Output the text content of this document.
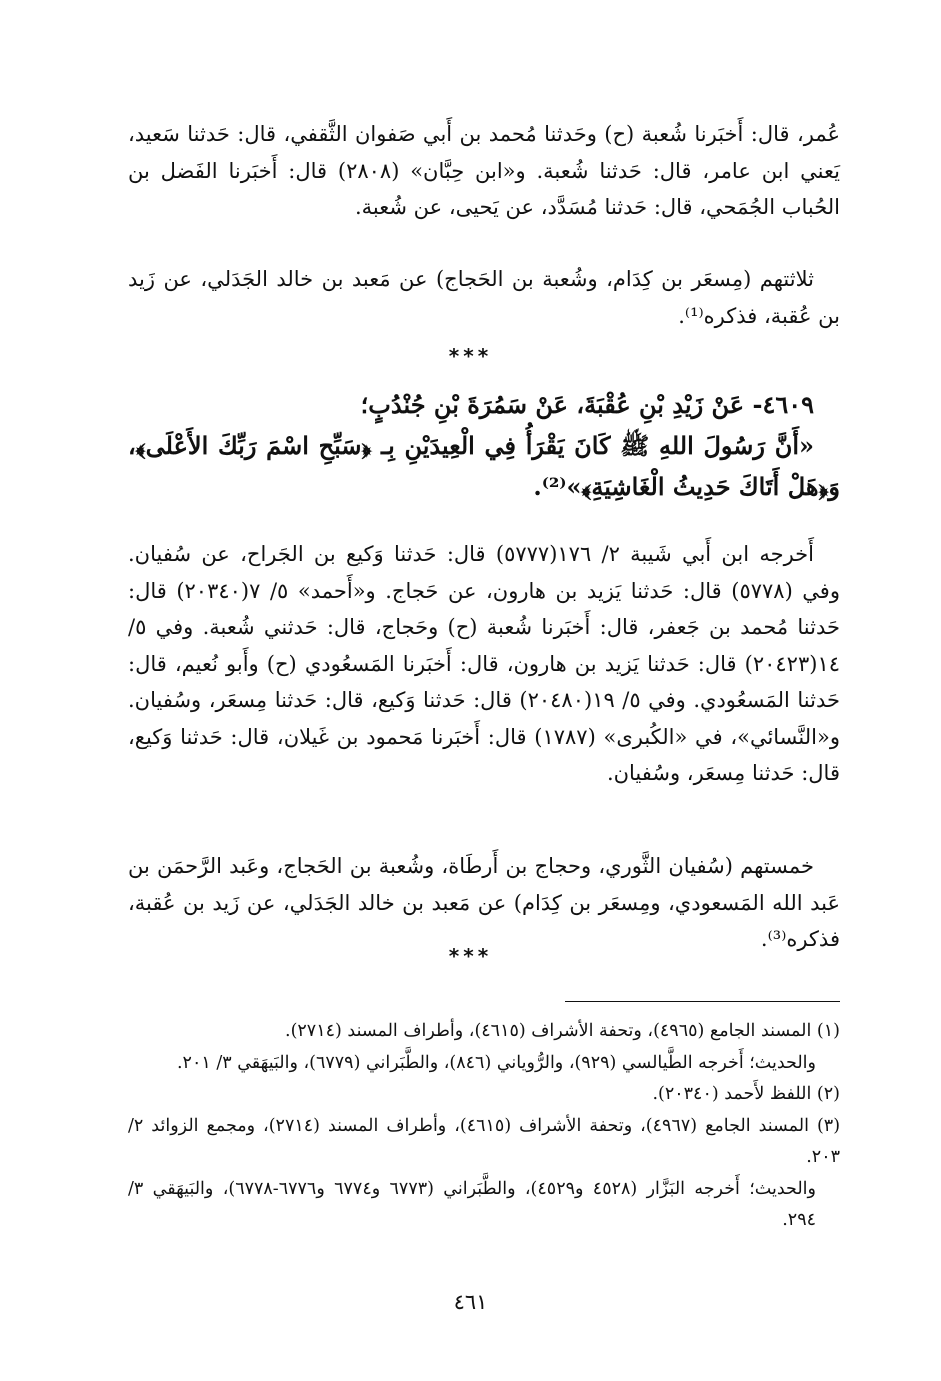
عُمر، قال: أَخبَرنا شُعبة (ح) وحَدثنا مُحمد بن أَبي صَفوان الثَّقفي، قال: حَدثنا سَعيد، يَعني ابن عامر، قال: حَدثنا شُعبة. و«ابن حِبَّان» (٢٨٠٨) قال: أَخبَرنا الفَضل بن الحُباب الجُمَحي، قال: حَدثنا مُسَدَّد، عن يَحيى، عن شُعبة.

ثلاثتهم (مِسعَر بن كِدَام، وشُعبة بن الحَجاج) عن مَعبد بن خالد الجَدَلي، عن زَيد بن عُقبة، فذكره⁽¹⁾.

***

٤٦٠٩- عَنْ زَيْدِ بْنِ عُقْبَةَ، عَنْ سَمُرَةَ بْنِ جُنْدُبٍ؛

«أَنَّ رَسُولَ اللهِ ﷺ كَانَ يَقْرَأُ فِي الْعِيدَيْنِ بِـ ﴿سَبِّحِ اسْمَ رَبِّكَ الأَعْلَى﴾، وَ﴿هَلْ أَتَاكَ حَدِيثُ الْغَاشِيَةِ﴾»⁽²⁾.

أَخرجه ابن أَبي شَيبة ٢/ ١٧٦(٥٧٧٧) قال: حَدثنا وَكيع بن الجَراح، عن سُفيان. وفي (٥٧٧٨) قال: حَدثنا يَزيد بن هارون، عن حَجاج. و«أَحمد» ٥/ ٧(٢٠٣٤٠) قال: حَدثنا مُحمد بن جَعفر، قال: أَخبَرنا شُعبة (ح) وحَجاج، قال: حَدثني شُعبة. وفي ٥/ ١٤(٢٠٤٢٣) قال: حَدثنا يَزيد بن هارون، قال: أَخبَرنا المَسعُودي (ح) وأَبو نُعيم، قال: حَدثنا المَسعُودي. وفي ٥/ ١٩(٢٠٤٨٠) قال: حَدثنا وَكيع، قال: حَدثنا مِسعَر، وسُفيان. و«النَّسائي»، في «الكُبرى» (١٧٨٧) قال: أَخبَرنا مَحمود بن غَيلان، قال: حَدثنا وَكيع، قال: حَدثنا مِسعَر، وسُفيان.

خمستهم (سُفيان الثَّوري، وحجاج بن أَرطَاة، وشُعبة بن الحَجاج، وعَبد الرَّحمَن بن عَبد الله المَسعودي، ومِسعَر بن كِدَام) عن مَعبد بن خالد الجَدَلي، عن زَيد بن عُقبة، فذكره⁽³⁾.

***

(١) المسند الجامع (٤٩٦٥)، وتحفة الأشراف (٤٦١٥)، وأطراف المسند (٢٧١٤).

والحديث؛ أَخرجه الطَّيالسي (٩٢٩)، والرُّوياني (٨٤٦)، والطَّبَراني (٦٧٧٩)، والبَيهَقي ٣/ ٢٠١.

(٢) اللفظ لأَحمد (٢٠٣٤٠).

(٣) المسند الجامع (٤٩٦٧)، وتحفة الأشراف (٤٦١٥)، وأطراف المسند (٢٧١٤)، ومجمع الزوائد ٢/ ٢٠٣.

والحديث؛ أَخرجه البَزَّار (٤٥٢٨ و٤٥٢٩)، والطَّبَراني (٦٧٧٣ و٦٧٧٤ و٦٧٧٦-٦٧٧٨)، والبَيهَقي ٣/ ٢٩٤.

٤٦١
